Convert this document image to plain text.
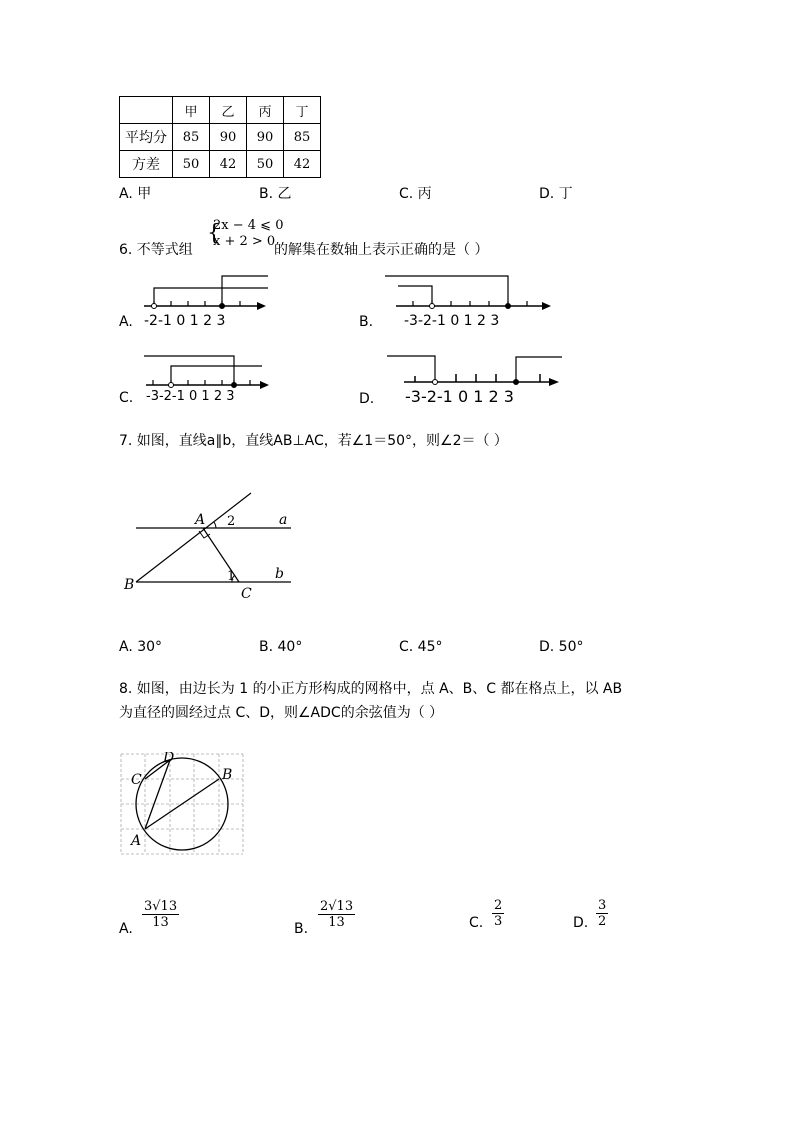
	甲	乙	丙	丁
平均分	85	90	90	85
方差	50	42	50	42
A. 甲	B. 乙	C. 丙	D. 丁
6. 不等式组
{
2x − 4 ⩽ 0
x + 2 > 0
的解集在数轴上表示正确的是（ ）
A. -2-1 0 1 2 3	B. -3-2-1 0 1 2 3
C. -3-2-1 0 1 2 3	D. -3-2-1 0 1 2 3
7. 如图，直线a∥b，直线AB⊥AC，若∠1＝50°，则∠2＝（ ）
A 2	a
1	b
B
C
A. 30°	B. 40°	C. 45°	D. 50°
8. 如图，由边长为 1 的小正方形构成的网格中，点 A、B、C 都在格点上，以 AB
为直径的圆经过点 C、D，则∠ADC的余弦值为（ ）
D
C	B
A
A. $\frac{3√13}{13}$	B. $\frac{2√13}{13}$	C. $\frac{2}{3}$	D. $\frac{3}{2}$
